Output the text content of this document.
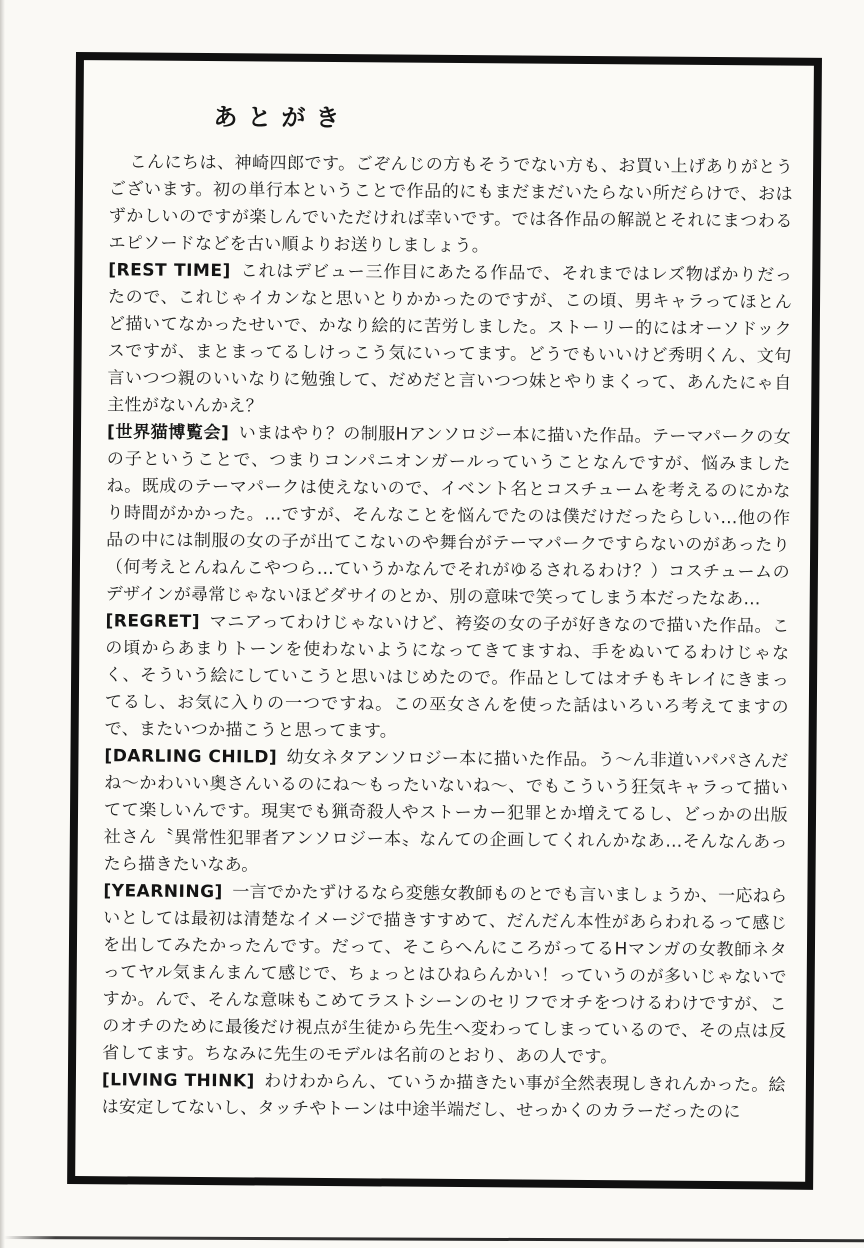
あとがき

こんにちは、神崎四郎です。ごぞんじの方もそうでない方も、お買い上げありがとうございます。初の単行本ということで作品的にもまだまだいたらない所だらけで、おはずかしいのですが楽しんでいただければ幸いです。では各作品の解説とそれにまつわるエピソードなどを古い順よりお送りしましょう。

[REST TIME] これはデビュー三作目にあたる作品で、それまではレズ物ばかりだったので、これじゃイカンなと思いとりかかったのですが、この頃、男キャラってほとんど描いてなかったせいで、かなり絵的に苦労しました。ストーリー的にはオーソドックスですが、まとまってるしけっこう気にいってます。どうでもいいけど秀明くん、文句言いつつ親のいいなりに勉強して、だめだと言いつつ妹とやりまくって、あんたにゃ自主性がないんかえ？

[世界猫博覧会] いまはやり？の制服Hアンソロジー本に描いた作品。テーマパークの女の子ということで、つまりコンパニオンガールっていうことなんですが、悩みましたね。既成のテーマパークは使えないので、イベント名とコスチュームを考えるのにかなり時間がかかった。…ですが、そんなことを悩んでたのは僕だけだったらしい…他の作品の中には制服の女の子が出てこないのや舞台がテーマパークですらないのがあったり（何考えとんねんこやつら…ていうかなんでそれがゆるされるわけ？）コスチュームのデザインが尋常じゃないほどダサイのとか、別の意味で笑ってしまう本だったなあ…

[REGRET] マニアってわけじゃないけど、袴姿の女の子が好きなので描いた作品。この頃からあまりトーンを使わないようになってきてますね、手をぬいてるわけじゃなく、そういう絵にしていこうと思いはじめたので。作品としてはオチもキレイにきまってるし、お気に入りの一つですね。この巫女さんを使った話はいろいろ考えてますので、またいつか描こうと思ってます。

[DARLING CHILD] 幼女ネタアンソロジー本に描いた作品。う〜ん非道いパパさんだね〜かわいい奥さんいるのにね〜もったいないね〜、でもこういう狂気キャラって描いてて楽しいんです。現実でも猟奇殺人やストーカー犯罪とか増えてるし、どっかの出版社さん〝異常性犯罪者アンソロジー本〟なんての企画してくれんかなあ…そんなんあったら描きたいなあ。

[YEARNING] 一言でかたずけるなら変態女教師ものとでも言いましょうか、一応ねらいとしては最初は清楚なイメージで描きすすめて、だんだん本性があらわれるって感じを出してみたかったんです。だって、そこらへんにころがってるHマンガの女教師ネタってヤル気まんまんて感じで、ちょっとはひねらんかい！っていうのが多いじゃないですか。んで、そんな意味もこめてラストシーンのセリフでオチをつけるわけですが、このオチのために最後だけ視点が生徒から先生へ変わってしまっているので、その点は反省してます。ちなみに先生のモデルは名前のとおり、あの人です。

[LIVING THINK] わけわからん、ていうか描きたい事が全然表現しきれんかった。絵は安定してないし、タッチやトーンは中途半端だし、せっかくのカラーだったのに
